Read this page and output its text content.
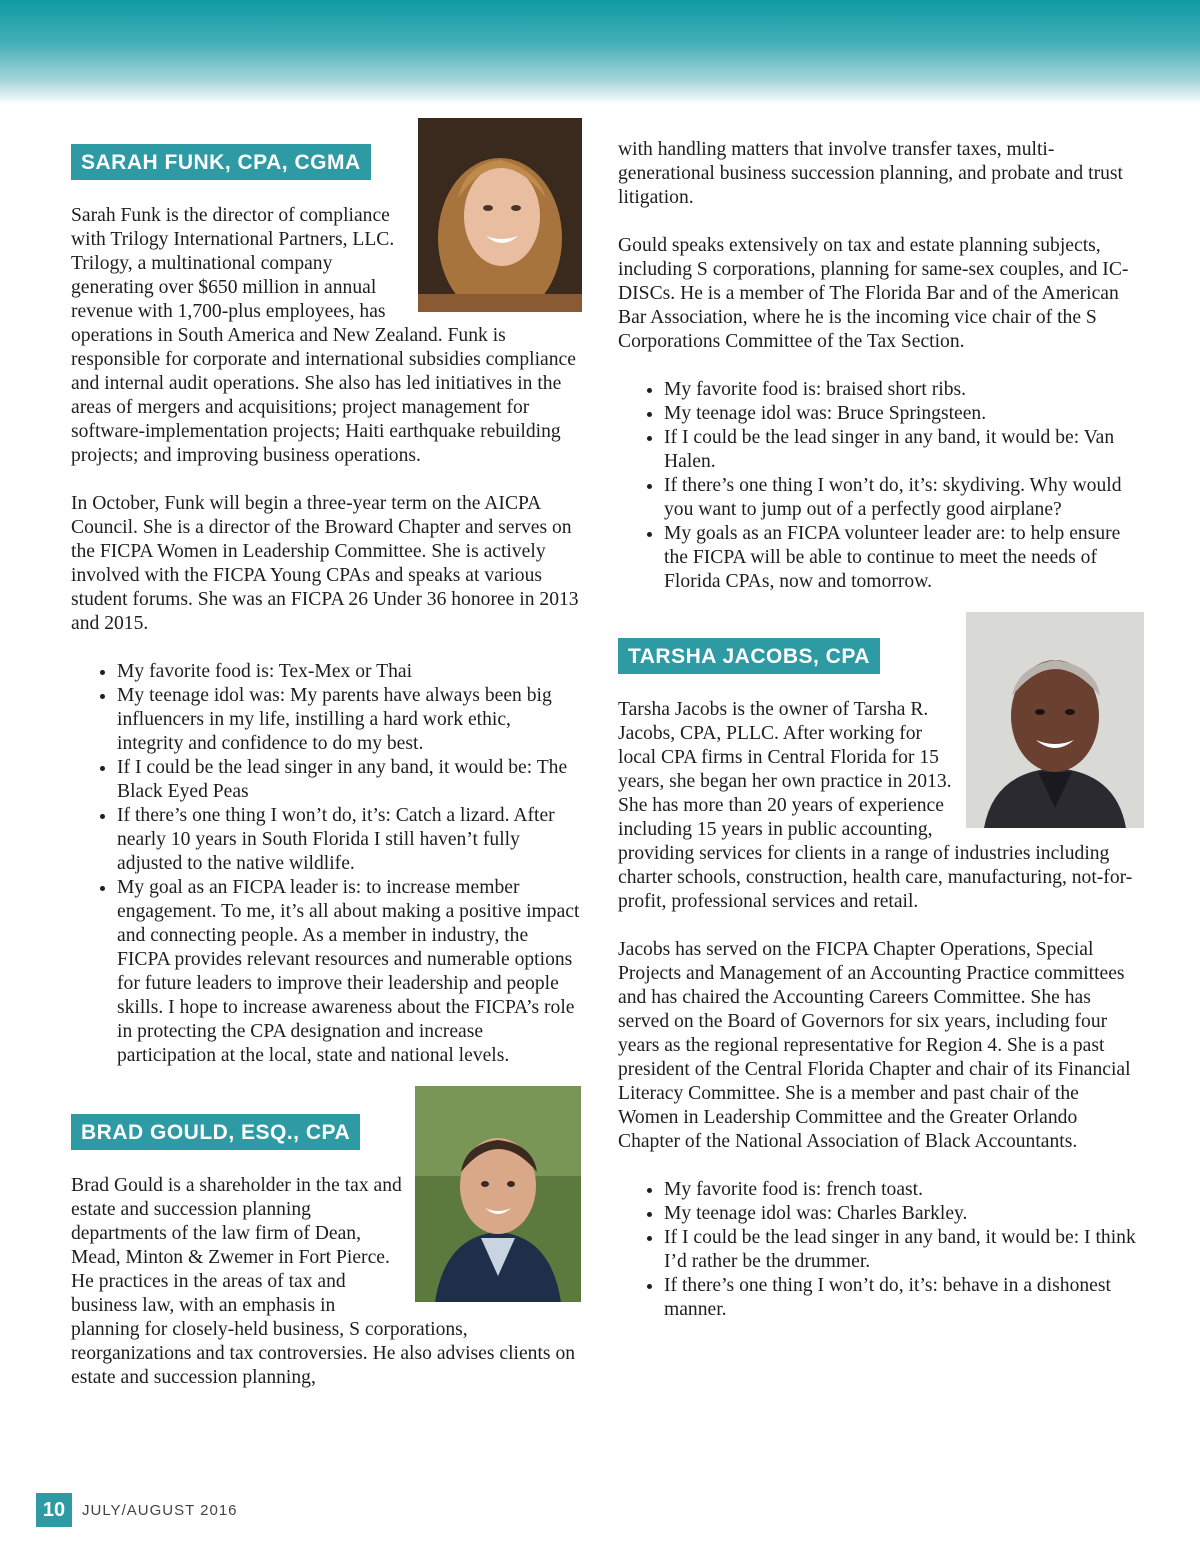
SARAH FUNK, CPA, CGMA

Sarah Funk is the director of compliance with Trilogy International Partners, LLC. Trilogy, a multinational company generating over $650 million in annual revenue with 1,700-plus employees, has operations in South America and New Zealand. Funk is responsible for corporate and international subsidies compliance and internal audit operations. She also has led initiatives in the areas of mergers and acquisitions; project management for software-implementation projects; Haiti earthquake rebuilding projects; and improving business operations.

In October, Funk will begin a three-year term on the AICPA Council. She is a director of the Broward Chapter and serves on the FICPA Women in Leadership Committee. She is actively involved with the FICPA Young CPAs and speaks at various student forums. She was an FICPA 26 Under 36 honoree in 2013 and 2015.

• My favorite food is: Tex-Mex or Thai
• My teenage idol was: My parents have always been big influencers in my life, instilling a hard work ethic, integrity and confidence to do my best.
• If I could be the lead singer in any band, it would be: The Black Eyed Peas
• If there’s one thing I won’t do, it’s: Catch a lizard. After nearly 10 years in South Florida I still haven’t fully adjusted to the native wildlife.
• My goal as an FICPA leader is: to increase member engagement. To me, it’s all about making a positive impact and connecting people. As a member in industry, the FICPA provides relevant resources and numerable options for future leaders to improve their leadership and people skills. I hope to increase awareness about the FICPA’s role in protecting the CPA designation and increase participation at the local, state and national levels.
BRAD GOULD, ESQ., CPA

Brad Gould is a shareholder in the tax and estate and succession planning departments of the law firm of Dean, Mead, Minton & Zwemer in Fort Pierce. He practices in the areas of tax and business law, with an emphasis in planning for closely-held business, S corporations, reorganizations and tax controversies. He also advises clients on estate and succession planning,

with handling matters that involve transfer taxes, multi-generational business succession planning, and probate and trust litigation.

Gould speaks extensively on tax and estate planning subjects, including S corporations, planning for same-sex couples, and IC-DISCs. He is a member of The Florida Bar and of the American Bar Association, where he is the incoming vice chair of the S Corporations Committee of the Tax Section.

• My favorite food is: braised short ribs.
• My teenage idol was: Bruce Springsteen.
• If I could be the lead singer in any band, it would be: Van Halen.
• If there’s one thing I won’t do, it’s: skydiving. Why would you want to jump out of a perfectly good airplane?
• My goals as an FICPA volunteer leader are: to help ensure the FICPA will be able to continue to meet the needs of Florida CPAs, now and tomorrow.
TARSHA JACOBS, CPA

Tarsha Jacobs is the owner of Tarsha R. Jacobs, CPA, PLLC. After working for local CPA firms in Central Florida for 15 years, she began her own practice in 2013. She has more than 20 years of experience including 15 years in public accounting, providing services for clients in a range of industries including charter schools, construction, health care, manufacturing, not-for-profit, professional services and retail.

Jacobs has served on the FICPA Chapter Operations, Special Projects and Management of an Accounting Practice committees and has chaired the Accounting Careers Committee. She has served on the Board of Governors for six years, including four years as the regional representative for Region 4. She is a past president of the Central Florida Chapter and chair of its Financial Literacy Committee. She is a member and past chair of the Women in Leadership Committee and the Greater Orlando Chapter of the National Association of Black Accountants.

• My favorite food is: french toast.
• My teenage idol was: Charles Barkley.
• If I could be the lead singer in any band, it would be: I think I’d rather be the drummer.
• If there’s one thing I won’t do, it’s: behave in a dishonest manner.
10	JULY/AUGUST 2016
